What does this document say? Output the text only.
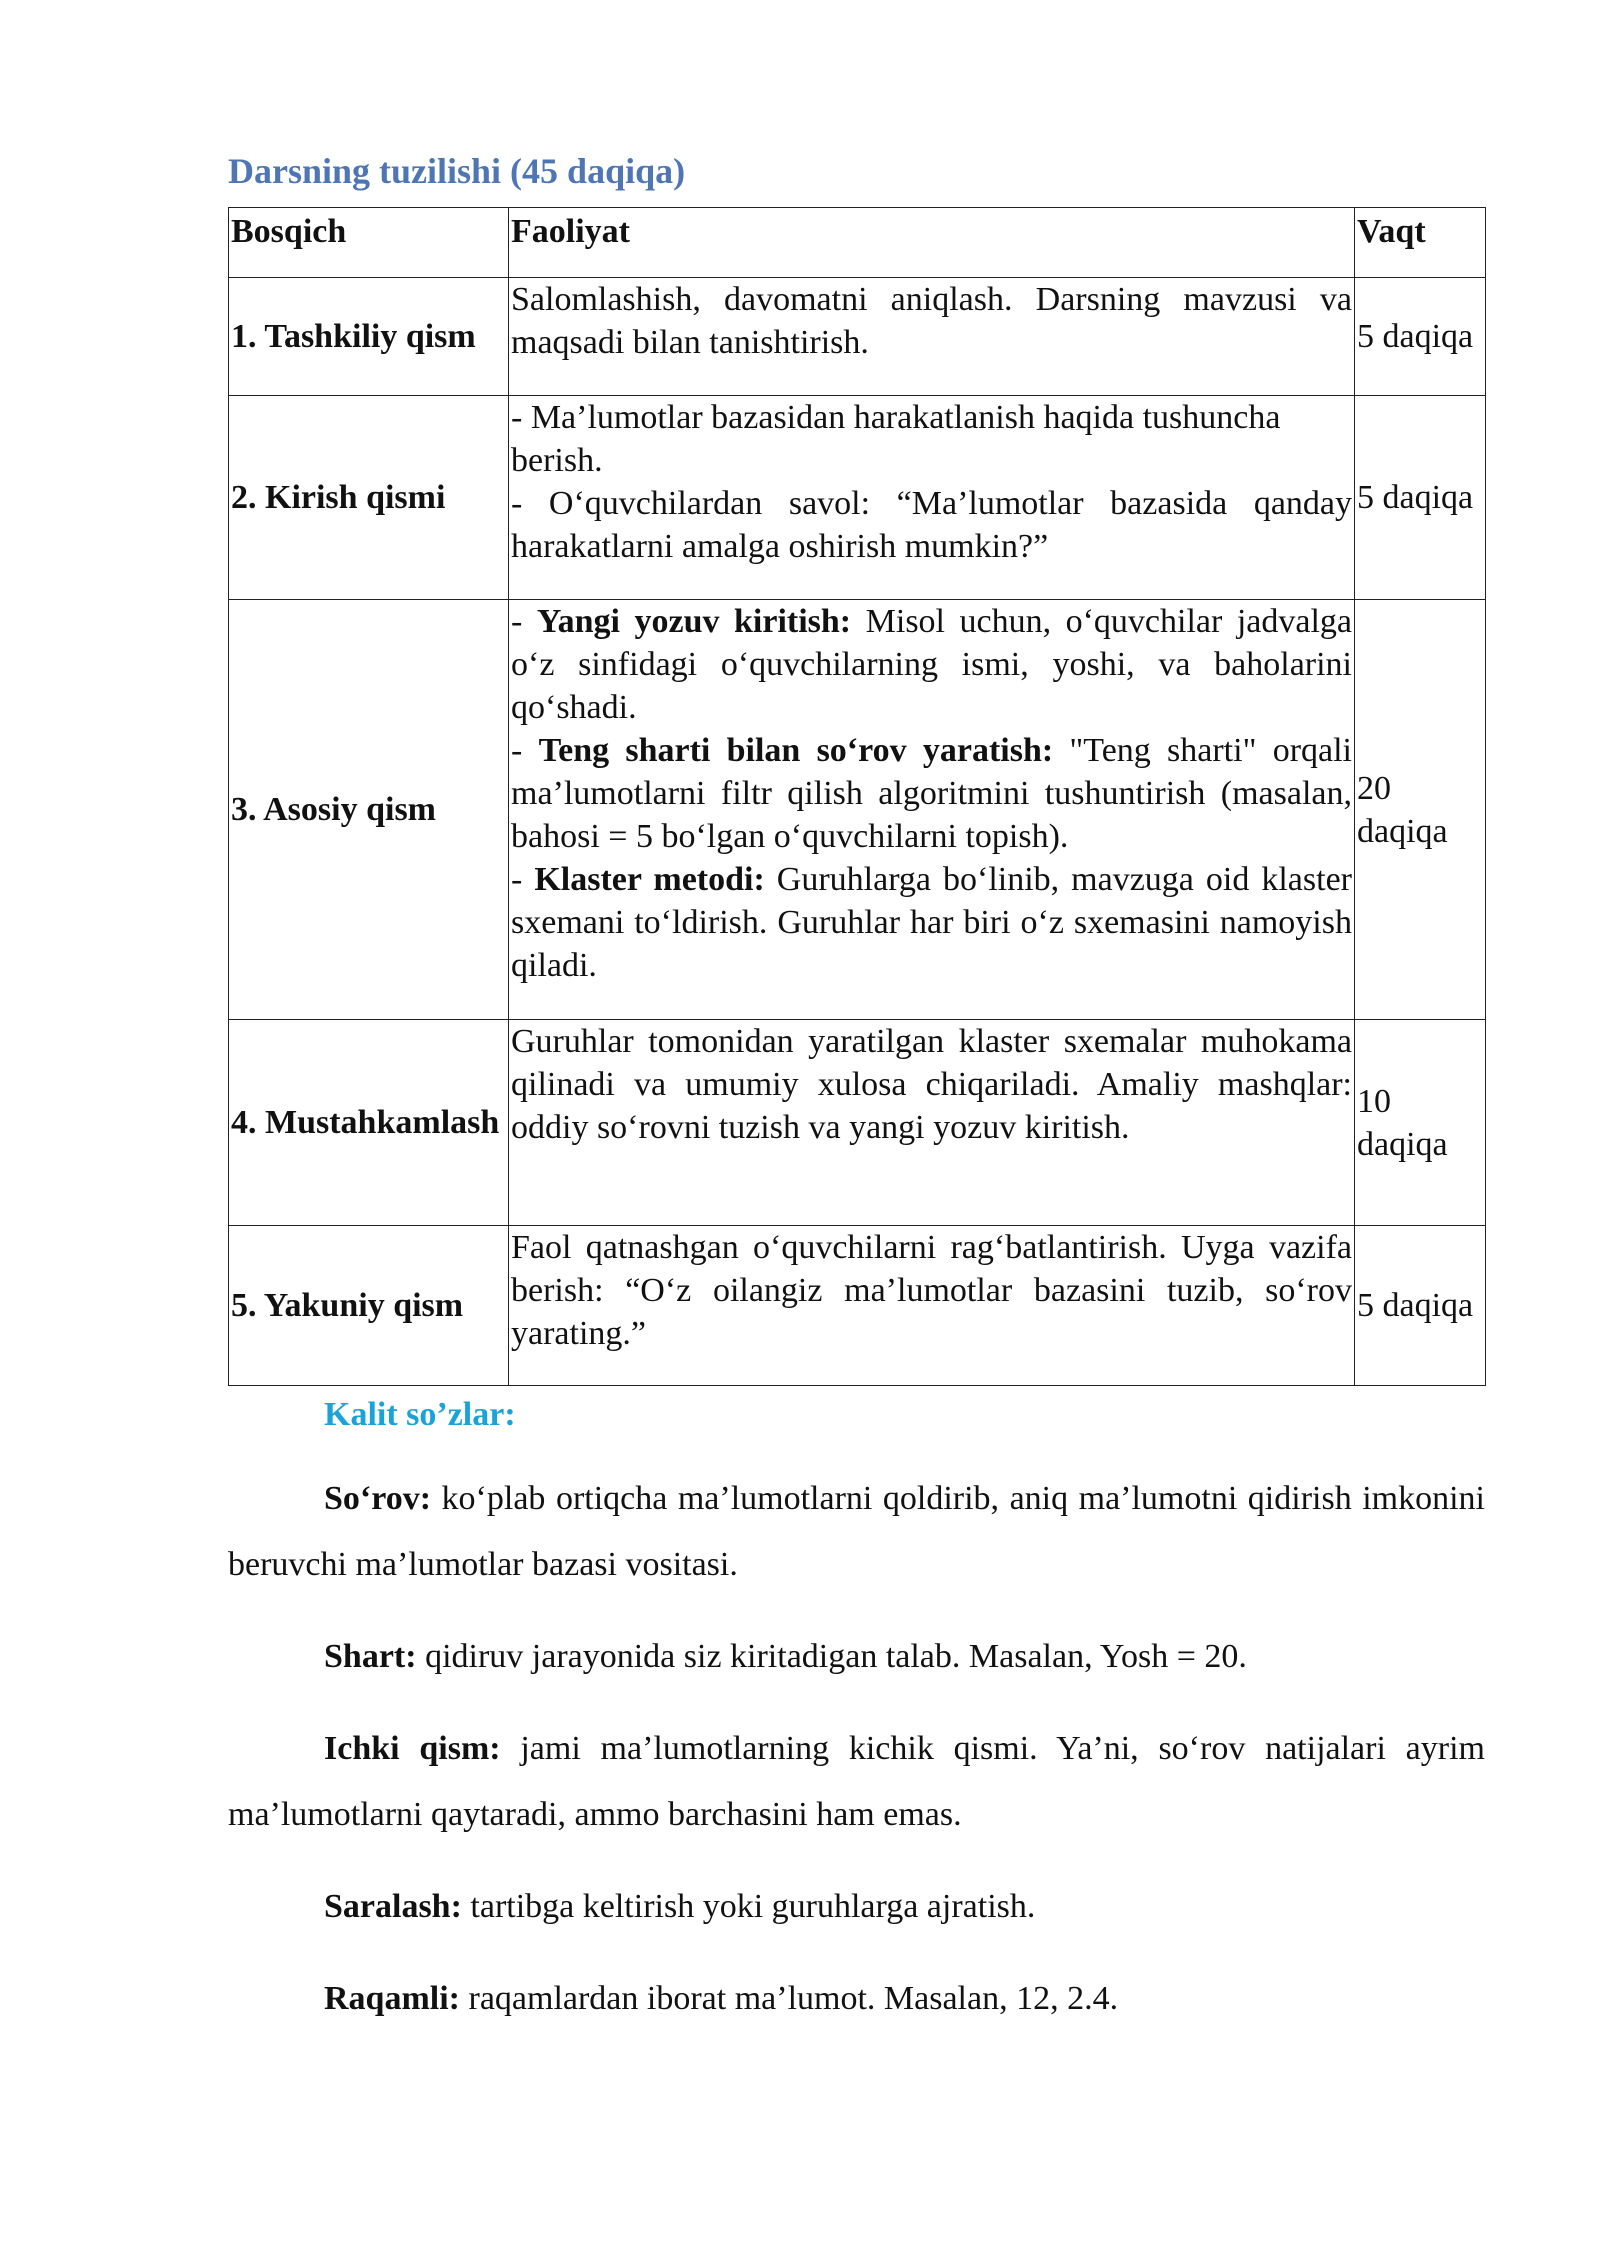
Darsning tuzilishi (45 daqiqa)
Bosqich	Faoliyat	Vaqt
1. Tashkiliy qism	Salomlashish, davomatni aniqlash. Darsning mavzusi va maqsadi bilan tanishtirish.	5 daqiqa
2. Kirish qismi	- Ma’lumotlar bazasidan harakatlanish haqida tushuncha berish.

- O‘quvchilardan savol: “Ma’lumotlar bazasida qanday harakatlarni amalga oshirish mumkin?”	5 daqiqa
3. Asosiy qism	- Yangi yozuv kiritish: Misol uchun, o‘quvchilar jadvalga o‘z sinfidagi o‘quvchilarning ismi, yoshi, va baholarini qo‘shadi.

- Teng sharti bilan so‘rov yaratish: "Teng sharti" orqali ma’lumotlarni filtr qilish algoritmini tushuntirish (masalan, bahosi = 5 bo‘lgan o‘quvchilarni topish).

- Klaster metodi: Guruhlarga bo‘linib, mavzuga oid klaster sxemani to‘ldirish. Guruhlar har biri o‘z sxemasini namoyish qiladi.	20 daqiqa
4. Mustahkamlash	Guruhlar tomonidan yaratilgan klaster sxemalar muhokama qilinadi va umumiy xulosa chiqariladi. Amaliy mashqlar: oddiy so‘rovni tuzish va yangi yozuv kiritish.	10 daqiqa
5. Yakuniy qism	Faol qatnashgan o‘quvchilarni rag‘batlantirish. Uyga vazifa berish: “O‘z oilangiz ma’lumotlar bazasini tuzib, so‘rov yarating.”	5 daqiqa
Kalit so’zlar:

So‘rov: ko‘plab ortiqcha ma’lumotlarni qoldirib, aniq ma’lumotni qidirish imkonini beruvchi ma’lumotlar bazasi vositasi.

Shart: qidiruv jarayonida siz kiritadigan talab. Masalan, Yosh = 20.

Ichki qism: jami ma’lumotlarning kichik qismi. Ya’ni, so‘rov natijalari ayrim ma’lumotlarni qaytaradi, ammo barchasini ham emas.

Saralash: tartibga keltirish yoki guruhlarga ajratish.

Raqamli: raqamlardan iborat ma’lumot. Masalan, 12, 2.4.
